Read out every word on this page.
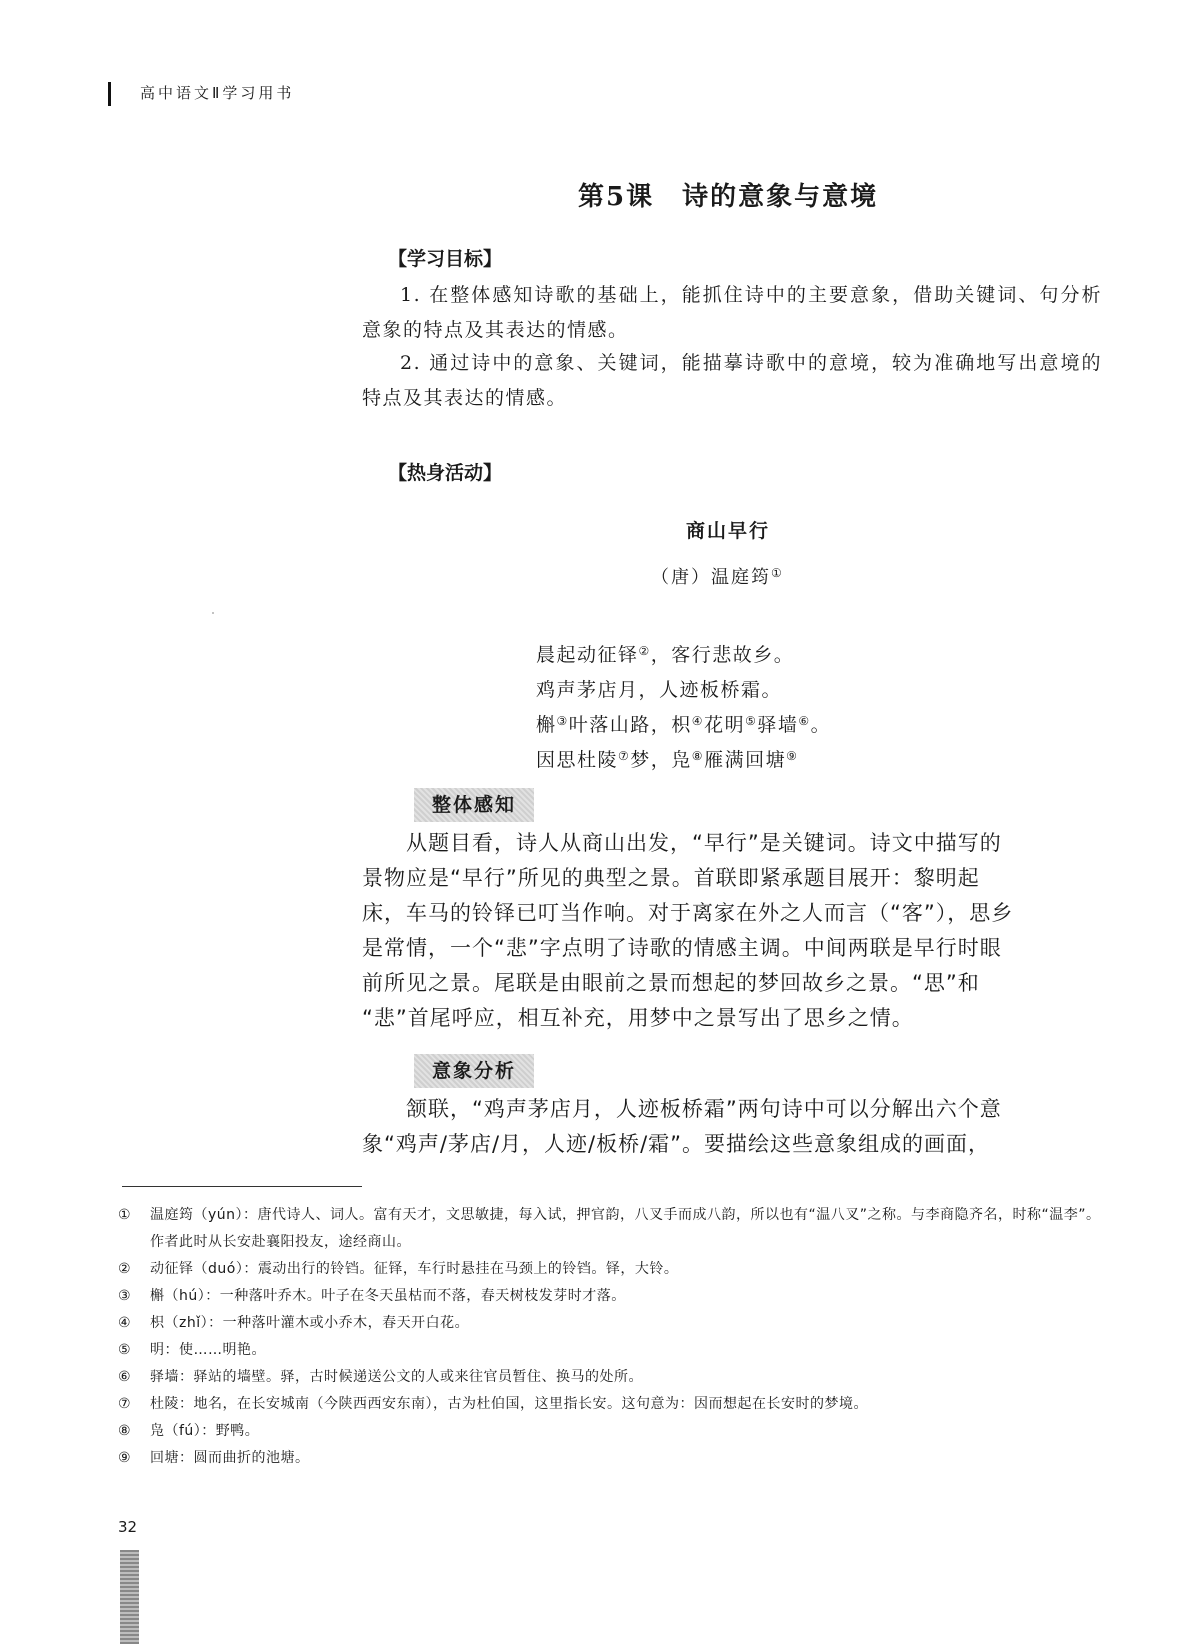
高中语文Ⅱ学习用书
第5课　诗的意象与意境
【学习目标】

1. 在整体感知诗歌的基础上，能抓住诗中的主要意象，借助关键词、句分析意象的特点及其表达的情感。

2. 通过诗中的意象、关键词，能描摹诗歌中的意境，较为准确地写出意境的特点及其表达的情感。

【热身活动】
商山早行
（唐）温庭筠①
晨起动征铎②，客行悲故乡。
鸡声茅店月，人迹板桥霜。
槲③叶落山路，枳④花明⑤驿墙⑥。
因思杜陵⑦梦，凫⑧雁满回塘⑨
整体感知
　　从题目看，诗人从商山出发，“早行”是关键词。诗文中描写的
景物应是“早行”所见的典型之景。首联即紧承题目展开：黎明起
床，车马的铃铎已叮当作响。对于离家在外之人而言（“客”），思乡
是常情，一个“悲”字点明了诗歌的情感主调。中间两联是早行时眼
前所见之景。尾联是由眼前之景而想起的梦回故乡之景。“思”和
“悲”首尾呼应，相互补充，用梦中之景写出了思乡之情。
意象分析
　　颔联，“鸡声茅店月，人迹板桥霜”两句诗中可以分解出六个意
象“鸡声/茅店/月，人迹/板桥/霜”。要描绘这些意象组成的画面，
①	温庭筠（yún）：唐代诗人、词人。富有天才，文思敏捷，每入试，押官韵，八叉手而成八韵，所以也有“温八叉”之称。与李商隐齐名，时称“温李”。作者此时从长安赴襄阳投友，途经商山。
②	动征铎（duó）：震动出行的铃铛。征铎，车行时悬挂在马颈上的铃铛。铎，大铃。
③	槲（hú）：一种落叶乔木。叶子在冬天虽枯而不落，春天树枝发芽时才落。
④	枳（zhǐ）：一种落叶灌木或小乔木，春天开白花。
⑤	明：使……明艳。
⑥	驿墙：驿站的墙壁。驿，古时候递送公文的人或来往官员暂住、换马的处所。
⑦	杜陵：地名，在长安城南（今陕西西安东南），古为杜伯国，这里指长安。这句意为：因而想起在长安时的梦境。
⑧	凫（fú）：野鸭。
⑨	回塘：圆而曲折的池塘。
32
